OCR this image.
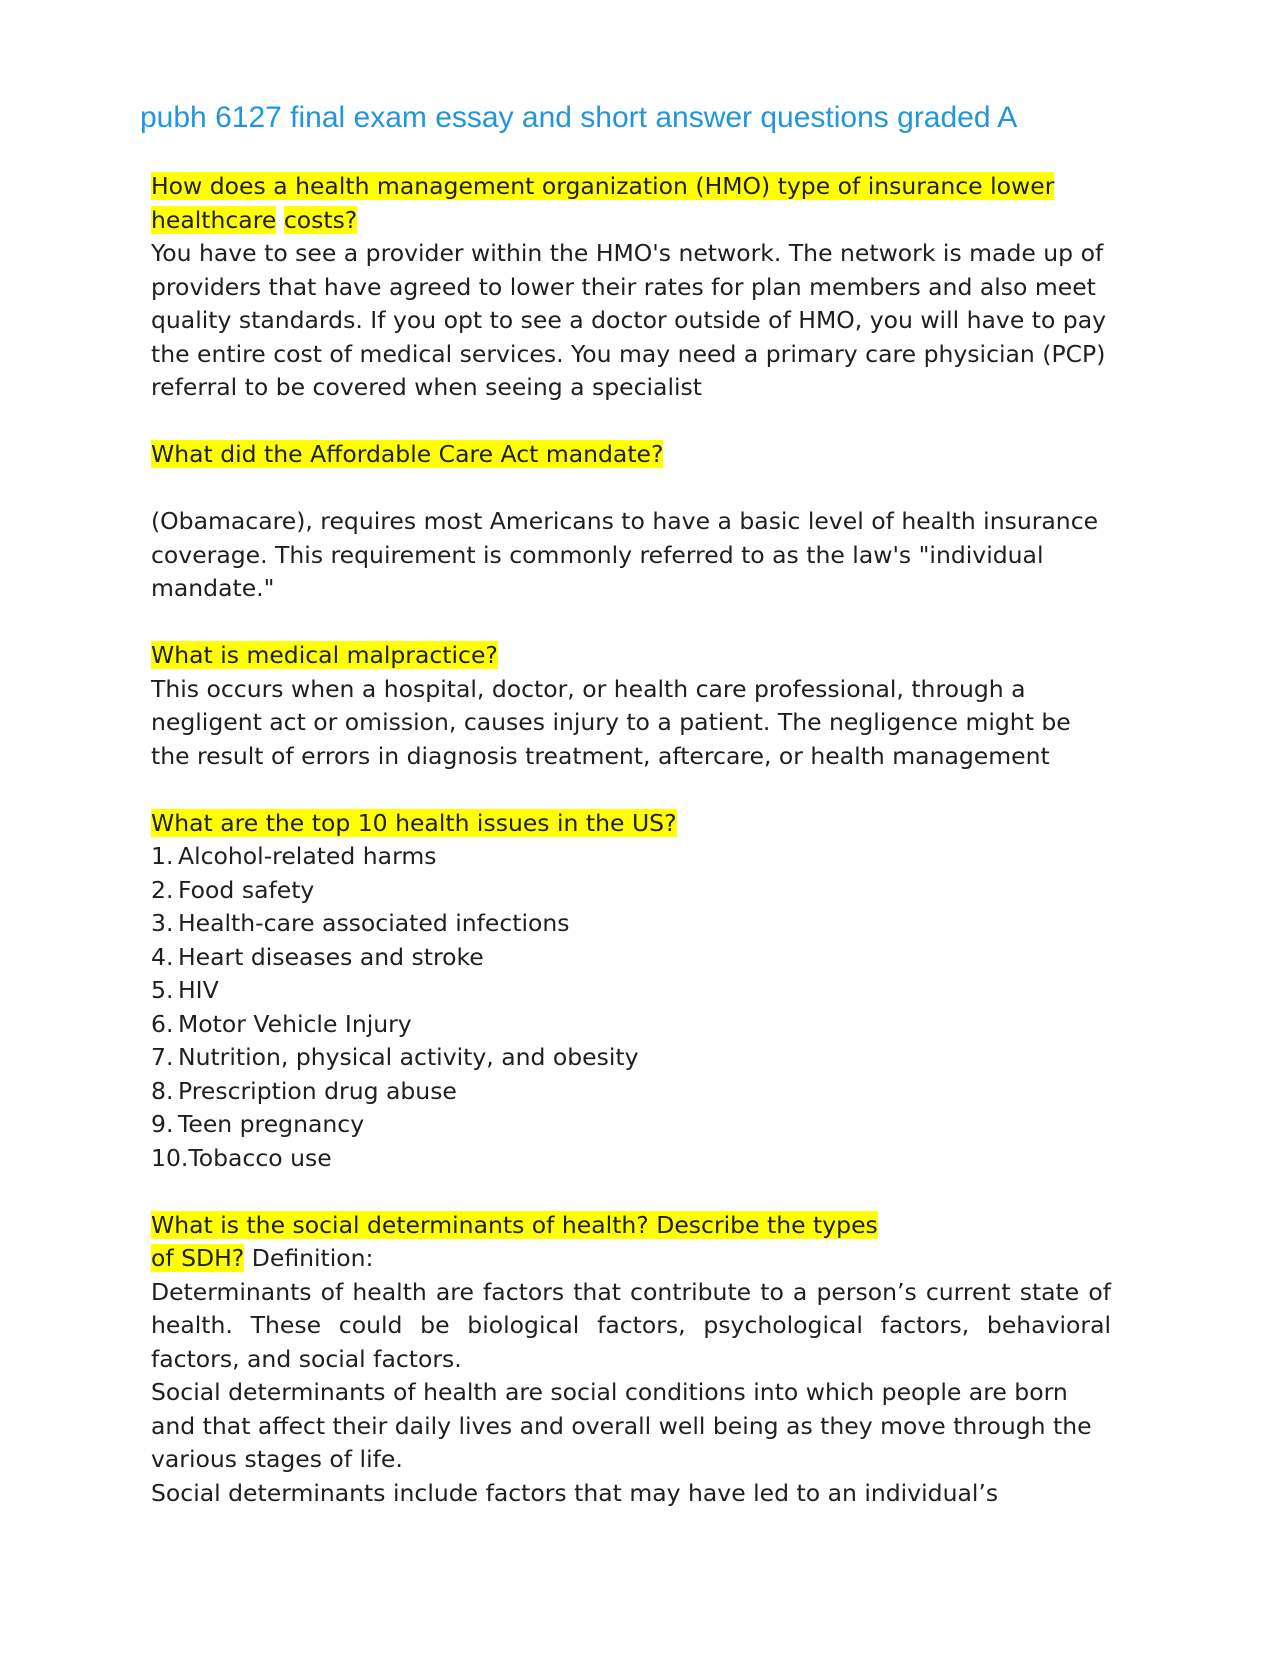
pubh 6127 final exam essay and short answer questions graded A

How does a health management organization (HMO) type of insurance lower healthcare costs?

You have to see a provider within the HMO's network. The network is made up of providers that have agreed to lower their rates for plan members and also meet quality standards. If you opt to see a doctor outside of HMO, you will have to pay the entire cost of medical services. You may need a primary care physician (PCP) referral to be covered when seeing a specialist

What did the Affordable Care Act mandate?

(Obamacare), requires most Americans to have a basic level of health insurance coverage. This requirement is commonly referred to as the law's "individual mandate."

What is medical malpractice?

This occurs when a hospital, doctor, or health care professional, through a negligent act or omission, causes injury to a patient. The negligence might be the result of errors in diagnosis treatment, aftercare, or health management

What are the top 10 health issues in the US?

1. Alcohol-related harms
2. Food safety
3. Health-care associated infections
4. Heart diseases and stroke
5. HIV
6. Motor Vehicle Injury
7. Nutrition, physical activity, and obesity
8. Prescription drug abuse
9. Teen pregnancy
10.Tobacco use

What is the social determinants of health? Describe the types
of SDH? Definition:

Determinants of health are factors that contribute to a person’s current state of health. These could be biological factors, psychological factors, behavioral factors, and social factors.

Social determinants of health are social conditions into which people are born and that affect their daily lives and overall well being as they move through the various stages of life.

Social determinants include factors that may have led to an individual’s
